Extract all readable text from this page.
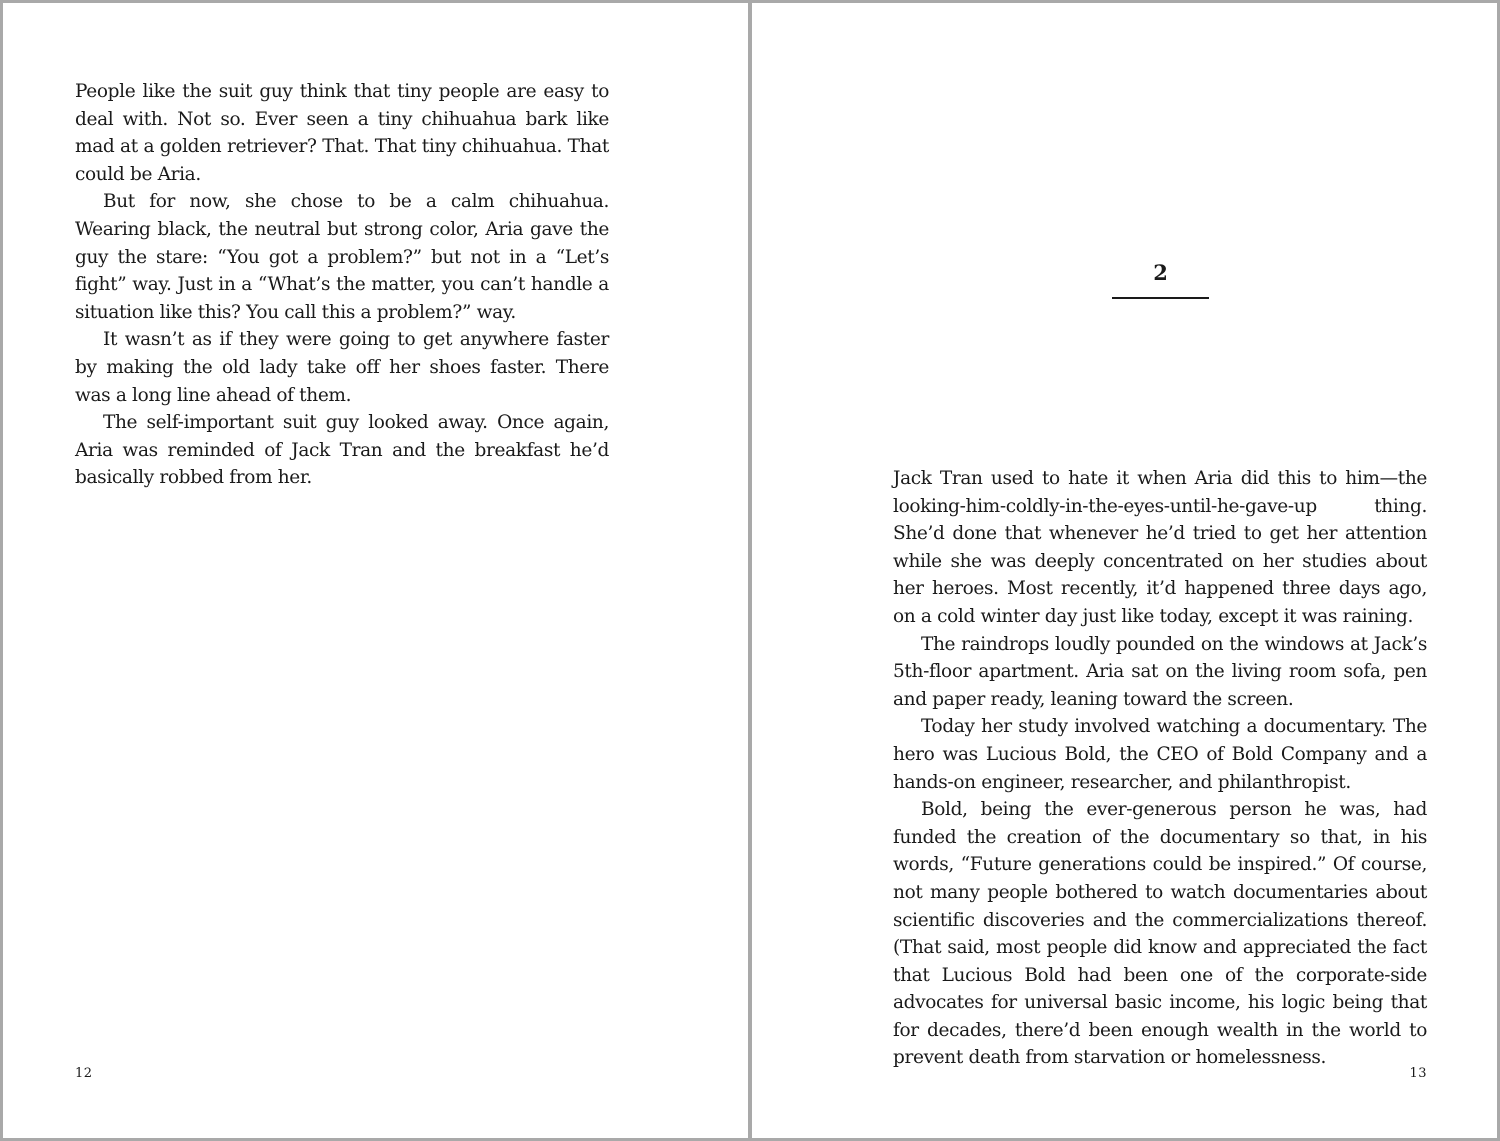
People like the suit guy think that tiny people are easy to deal with. Not so. Ever seen a tiny chihuahua bark like mad at a golden retriever? That. That tiny chihuahua. That could be Aria.

But for now, she chose to be a calm chihuahua. Wearing black, the neutral but strong color, Aria gave the guy the stare: “You got a problem?” but not in a “Let’s fight” way. Just in a “What’s the matter, you can’t handle a situation like this? You call this a problem?” way.

It wasn’t as if they were going to get anywhere faster by making the old lady take off her shoes faster. There was a long line ahead of them.

The self-important suit guy looked away. Once again, Aria was reminded of Jack Tran and the breakfast he’d basically robbed from her.

12
2

Jack Tran used to hate it when Aria did this to him—the looking-him-coldly-in-the-eyes-until-he-gave-up thing. She’d done that whenever he’d tried to get her attention while she was deeply concentrated on her studies about her heroes. Most recently, it’d happened three days ago, on a cold winter day just like today, except it was raining.

The raindrops loudly pounded on the windows at Jack’s 5th-floor apartment. Aria sat on the living room sofa, pen and paper ready, leaning toward the screen.

Today her study involved watching a documentary. The hero was Lucious Bold, the CEO of Bold Company and a hands-on engineer, researcher, and philanthropist.

Bold, being the ever-generous person he was, had funded the creation of the documentary so that, in his words, “Future generations could be inspired.” Of course, not many people bothered to watch documentaries about scientific discoveries and the commercializations thereof. (That said, most people did know and appreciated the fact that Lucious Bold had been one of the corporate-side advocates for universal basic income, his logic being that for decades, there’d been enough wealth in the world to prevent death from starvation or homelessness.

13
